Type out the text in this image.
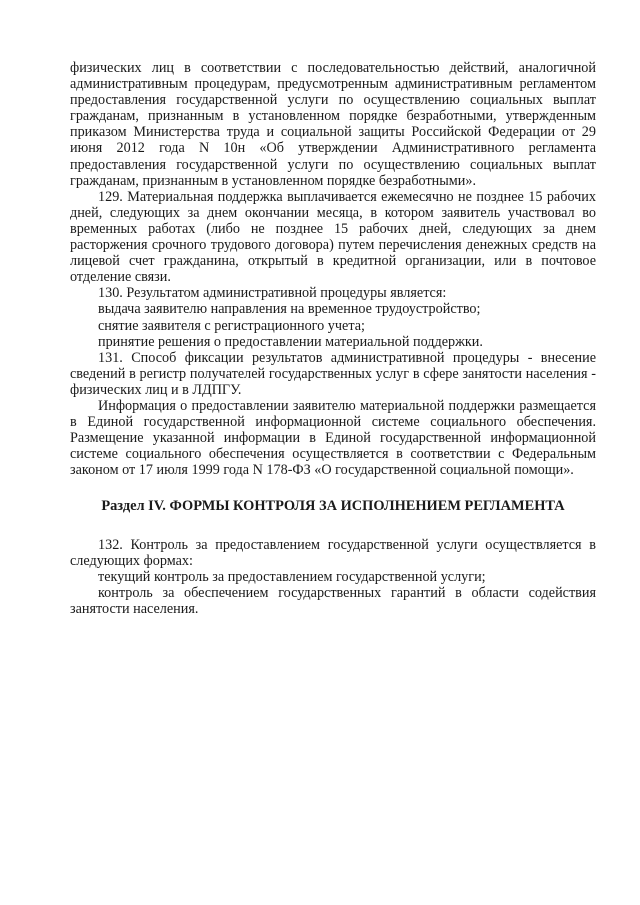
физических лиц в соответствии с последовательностью действий, аналогичной административным процедурам, предусмотренным административным регламентом предоставления государственной услуги по осуществлению социальных выплат гражданам, признанным в установленном порядке безработными, утвержденным приказом Министерства труда и социальной защиты Российской Федерации от 29 июня 2012 года N 10н «Об утверждении Административного регламента предоставления государственной услуги по осуществлению социальных выплат гражданам, признанным в установленном порядке безработными».

129. Материальная поддержка выплачивается ежемесячно не позднее 15 рабочих дней, следующих за днем окончании месяца, в котором заявитель участвовал во временных работах (либо не позднее 15 рабочих дней, следующих за днем расторжения срочного трудового договора) путем перечисления денежных средств на лицевой счет гражданина, открытый в кредитной организации, или в почтовое отделение связи.

130. Результатом административной процедуры является:

выдача заявителю направления на временное трудоустройство;

снятие заявителя с регистрационного учета;

принятие решения о предоставлении материальной поддержки.

131. Способ фиксации результатов административной процедуры - внесение сведений в регистр получателей государственных услуг в сфере занятости населения - физических лиц и в ЛДПГУ.

Информация о предоставлении заявителю материальной поддержки размещается в Единой государственной информационной системе социального обеспечения. Размещение указанной информации в Единой государственной информационной системе социального обеспечения осуществляется в соответствии с Федеральным законом от 17 июля 1999 года N 178-ФЗ «О государственной социальной помощи».

Раздел IV. ФОРМЫ КОНТРОЛЯ ЗА ИСПОЛНЕНИЕМ РЕГЛАМЕНТА

132. Контроль за предоставлением государственной услуги осуществляется в следующих формах:

текущий контроль за предоставлением государственной услуги;

контроль за обеспечением государственных гарантий в области содействия занятости населения.
